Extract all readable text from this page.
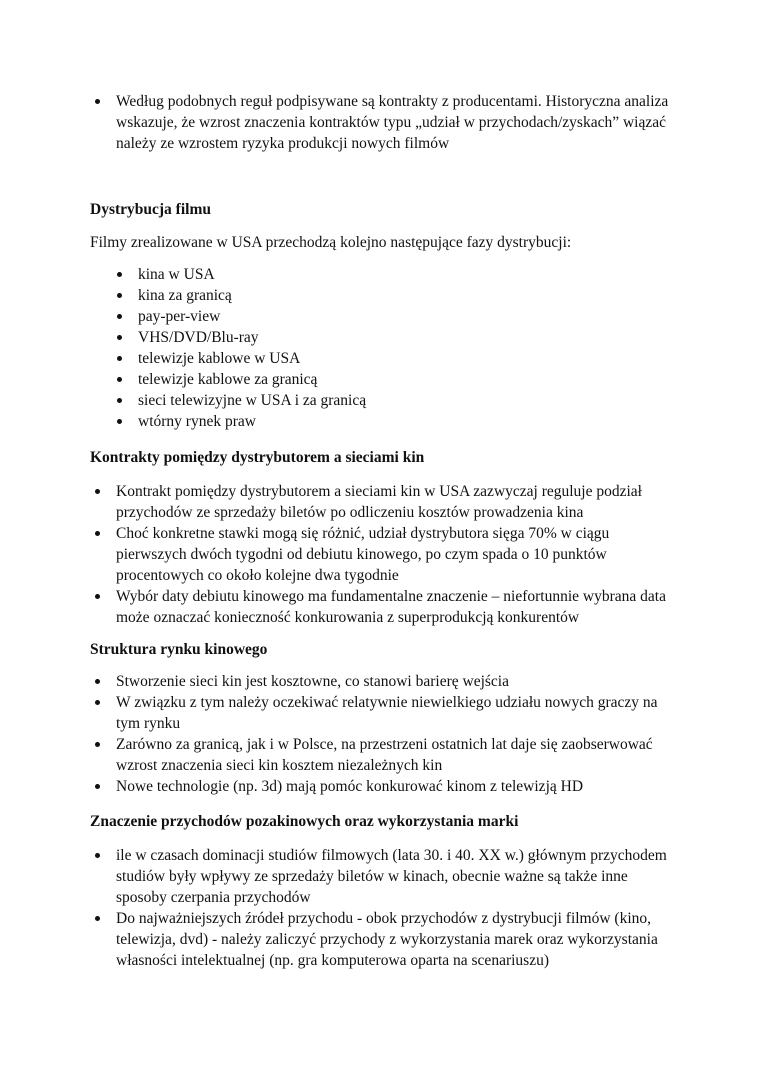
Według podobnych reguł podpisywane są kontrakty z producentami. Historyczna analiza wskazuje, że wzrost znaczenia kontraktów typu „udział w przychodach/zyskach” wiązać należy ze wzrostem ryzyka produkcji nowych filmów
Dystrybucja filmu
Filmy zrealizowane w USA przechodzą kolejno następujące fazy dystrybucji:
kina w USA
kina za granicą
pay-per-view
VHS/DVD/Blu-ray
telewizje kablowe w USA
telewizje kablowe za granicą
sieci telewizyjne w USA i za granicą
wtórny rynek praw
Kontrakty pomiędzy dystrybutorem a sieciami kin
Kontrakt pomiędzy dystrybutorem a sieciami kin w USA zazwyczaj reguluje podział przychodów ze sprzedaży biletów po odliczeniu kosztów prowadzenia kina
Choć konkretne stawki mogą się różnić, udział dystrybutora sięga 70% w ciągu pierwszych dwóch tygodni od debiutu kinowego, po czym spada o 10 punktów procentowych co około kolejne dwa tygodnie
Wybór daty debiutu kinowego ma fundamentalne znaczenie – niefortunnie wybrana data może oznaczać konieczność konkurowania z superprodukcją konkurentów
Struktura rynku kinowego
Stworzenie sieci kin jest kosztowne, co stanowi barierę wejścia
W związku z tym należy oczekiwać relatywnie niewielkiego udziału nowych graczy na tym rynku
Zarówno za granicą, jak i w Polsce, na przestrzeni ostatnich lat daje się zaobserwować wzrost znaczenia sieci kin kosztem niezależnych kin
Nowe technologie (np. 3d) mają pomóc konkurować kinom z telewizją HD
Znaczenie przychodów pozakinowych oraz wykorzystania marki
ile w czasach dominacji studiów filmowych (lata 30. i 40. XX w.) głównym przychodem studiów były wpływy ze sprzedaży biletów w kinach, obecnie ważne są także inne sposoby czerpania przychodów
Do najważniejszych źródeł przychodu - obok przychodów z dystrybucji filmów (kino, telewizja, dvd) - należy zaliczyć przychody z wykorzystania marek oraz wykorzystania własności intelektualnej (np. gra komputerowa oparta na scenariuszu)
